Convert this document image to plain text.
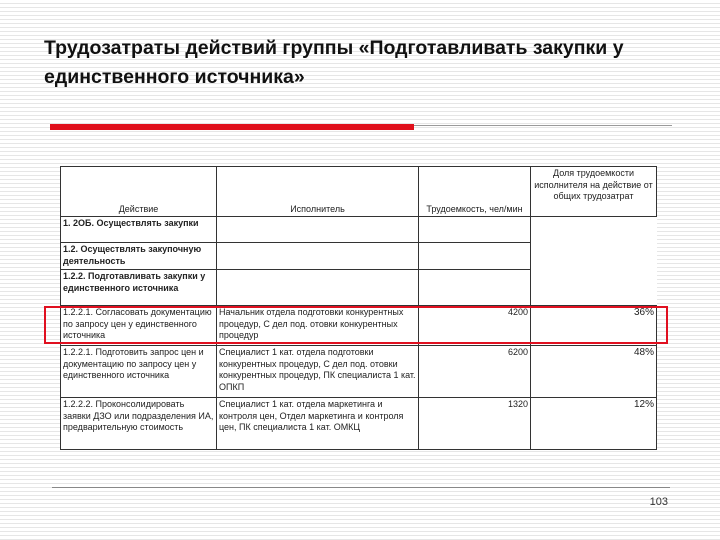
Трудозатраты действий группы «Подготавливать закупки у единственного источника»
Действие	Исполнитель	Трудоемкость, чел/мин	Доля трудоемкости исполнителя на действие от общих трудозатрат
1. 2ОБ. Осуществлять закупки			
1.2. Осуществлять закупочную деятельность			
1.2.2. Подготавливать закупки у единственного источника			
1.2.2.1. Согласовать документацию по запросу цен у единственного источника	Начальник отдела подготовки конкурентных процедур, С дел под. отовки конкурентных процедур	4200	36%
1.2.2.1. Подготовить запрос цен и документацию по запросу цен у единственного источника	Специалист 1 кат. отдела подготовки конкурентных процедур, С дел под. отовки конкурентных процедур, ПК специалиста 1 кат. ОПКП	6200	48%
1.2.2.2. Проконсолидировать заявки ДЗО или подразделения ИА, предварительную стоимость	Специалист 1 кат. отдела маркетинга и контроля цен, Отдел маркетинга и контроля цен, ПК специалиста 1 кат. ОМКЦ	1320	12%
103
